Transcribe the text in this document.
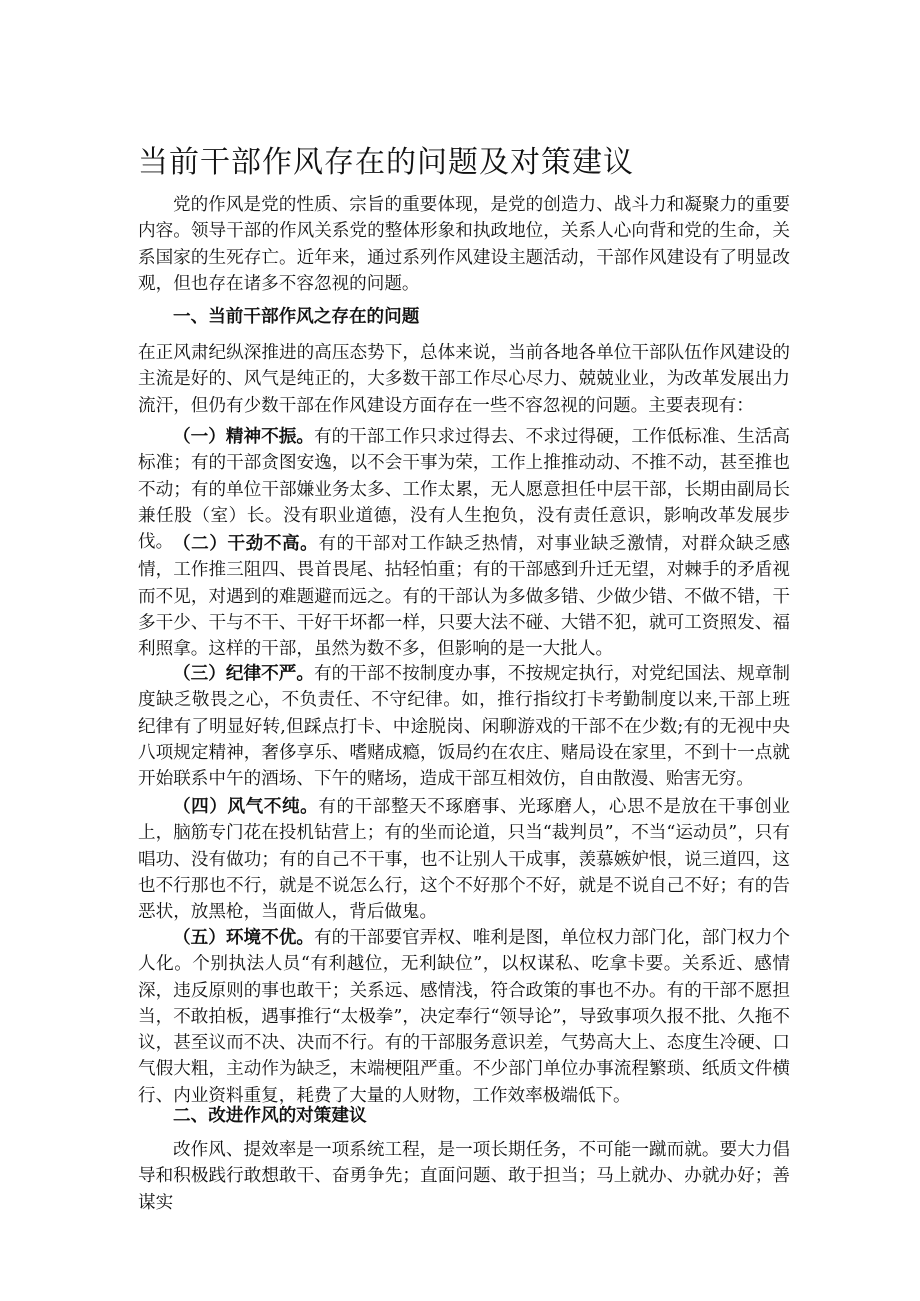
当前干部作风存在的问题及对策建议

党的作风是党的性质、宗旨的重要体现，是党的创造力、战斗力和凝聚力的重要内容。领导干部的作风关系党的整体形象和执政地位，关系人心向背和党的生命，关系国家的生死存亡。近年来，通过系列作风建设主题活动，干部作风建设有了明显改观，但也存在诸多不容忽视的问题。

一、当前干部作风之存在的问题

在正风肃纪纵深推进的高压态势下，总体来说，当前各地各单位干部队伍作风建设的主流是好的、风气是纯正的，大多数干部工作尽心尽力、兢兢业业，为改革发展出力流汗，但仍有少数干部在作风建设方面存在一些不容忽视的问题。主要表现有：

（一）精神不振。有的干部工作只求过得去、不求过得硬，工作低标准、生活高标准；有的干部贪图安逸，以不会干事为荣，工作上推推动动、不推不动，甚至推也不动；有的单位干部嫌业务太多、工作太累，无人愿意担任中层干部，长期由副局长兼任股（室）长。没有职业道德，没有人生抱负，没有责任意识，影响改革发展步伐。 （二）干劲不高。有的干部对工作缺乏热情，对事业缺乏激情，对群众缺乏感情，工作推三阻四、畏首畏尾、拈轻怕重；有的干部感到升迁无望，对棘手的矛盾视而不见，对遇到的难题避而远之。有的干部认为多做多错、少做少错、不做不错，干多干少、干与不干、干好干坏都一样，只要大法不碰、大错不犯，就可工资照发、福利照拿。这样的干部，虽然为数不多，但影响的是一大批人。

（三）纪律不严。有的干部不按制度办事，不按规定执行，对党纪国法、规章制度缺乏敬畏之心，不负责任、不守纪律。如，推行指纹打卡考勤制度以来,干部上班纪律有了明显好转,但踩点打卡、中途脱岗、闲聊游戏的干部不在少数;有的无视中央八项规定精神，奢侈享乐、嗜赌成瘾，饭局约在农庄、赌局设在家里，不到十一点就开始联系中午的酒场、下午的赌场，造成干部互相效仿，自由散漫、贻害无穷。

（四）风气不纯。有的干部整天不琢磨事、光琢磨人，心思不是放在干事创业上，脑筋专门花在投机钻营上；有的坐而论道，只当“裁判员”，不当“运动员”，只有唱功、没有做功；有的自己不干事，也不让别人干成事，羡慕嫉妒恨，说三道四，这也不行那也不行，就是不说怎么行，这个不好那个不好，就是不说自己不好；有的告恶状，放黑枪，当面做人，背后做鬼。

（五）环境不优。有的干部要官弄权、唯利是图，单位权力部门化，部门权力个人化。个别执法人员“有利越位，无利缺位”，以权谋私、吃拿卡要。关系近、感情深，违反原则的事也敢干；关系远、感情浅，符合政策的事也不办。有的干部不愿担当，不敢拍板，遇事推行“太极拳”，决定奉行“领导论”，导致事项久报不批、久拖不议，甚至议而不决、决而不行。有的干部服务意识差，气势高大上、态度生冷硬、口气假大粗，主动作为缺乏，末端梗阻严重。不少部门单位办事流程繁琐、纸质文件横行、内业资料重复，耗费了大量的人财物，工作效率极端低下。

二、改进作风的对策建议

改作风、提效率是一项系统工程，是一项长期任务，不可能一蹴而就。要大力倡导和积极践行敢想敢干、奋勇争先；直面问题、敢于担当；马上就办、办就办好；善谋实
